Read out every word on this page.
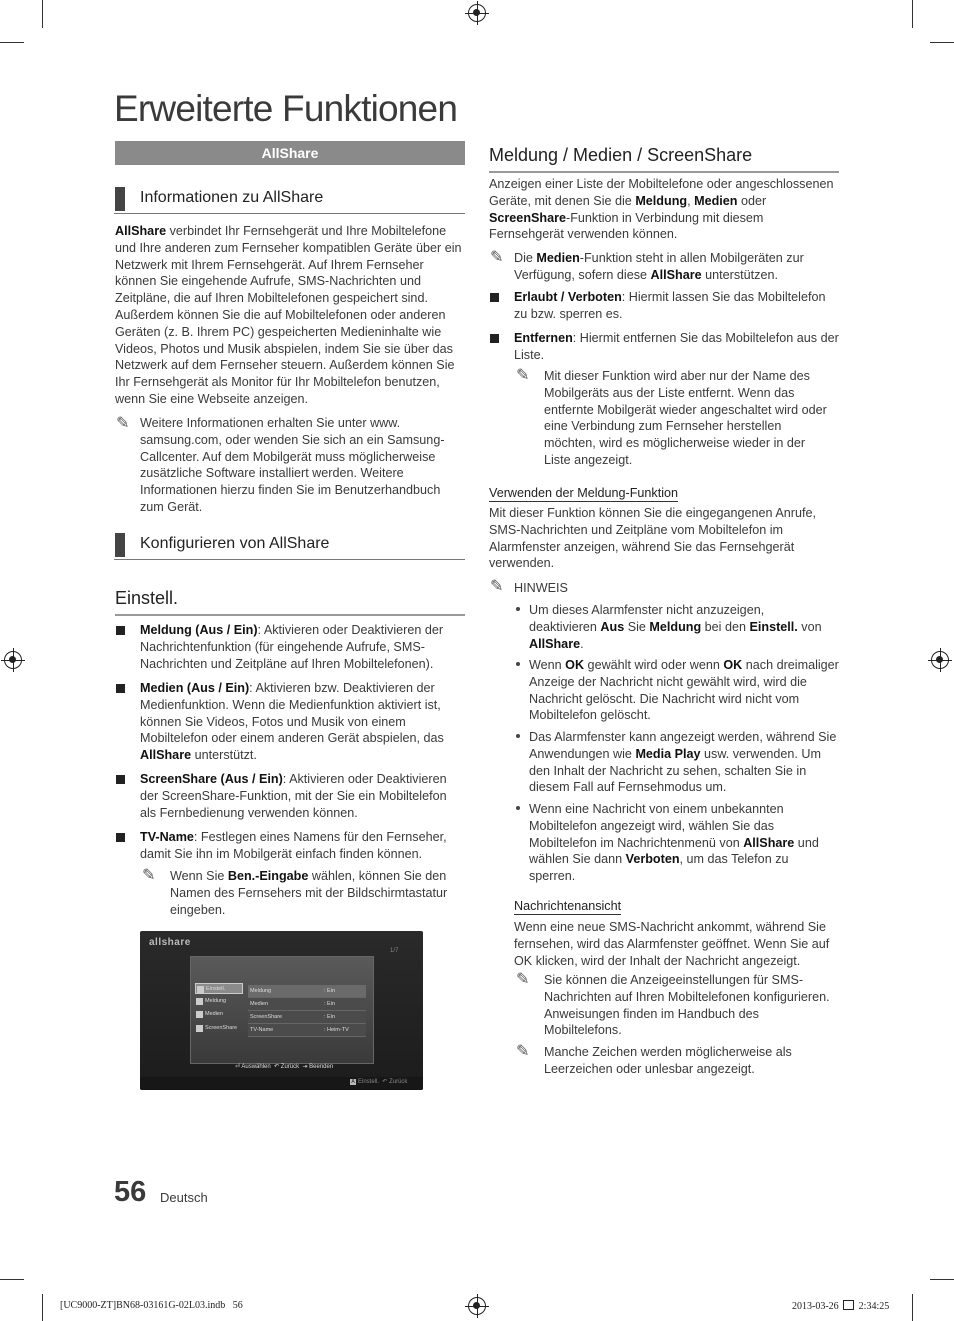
Erweiterte Funktionen
AllShare
Informationen zu AllShare

AllShare verbindet Ihr Fernsehgerät und Ihre Mobiltelefone und Ihre anderen zum Fernseher kompatiblen Geräte über ein Netzwerk mit Ihrem Fernsehgerät. Auf Ihrem Fernseher können Sie eingehende Aufrufe, SMS-Nachrichten und Zeitpläne, die auf Ihren Mobiltelefonen gespeichert sind. Außerdem können Sie die auf Mobiltelefonen oder anderen Geräten (z. B. Ihrem PC) gespeicherten Medieninhalte wie Videos, Photos und Musik abspielen, indem Sie sie über das Netzwerk auf dem Fernseher steuern. Außerdem können Sie Ihr Fernsehgerät als Monitor für Ihr Mobiltelefon benutzen, wenn Sie eine Webseite anzeigen.

✎ Weitere Informationen erhalten Sie unter www. samsung.com, oder wenden Sie sich an ein Samsung-Callcenter. Auf dem Mobilgerät muss möglicherweise zusätzliche Software installiert werden. Weitere Informationen hierzu finden Sie im Benutzerhandbuch zum Gerät.

Konfigurieren von AllShare
Einstell.

Meldung (Aus / Ein): Aktivieren oder Deaktivieren der Nachrichtenfunktion (für eingehende Aufrufe, SMS-Nachrichten und Zeitpläne auf Ihren Mobiltelefonen).

Medien (Aus / Ein): Aktivieren bzw. Deaktivieren der Medienfunktion. Wenn die Medienfunktion aktiviert ist, können Sie Videos, Fotos und Musik von einem Mobiltelefon oder einem anderen Gerät abspielen, das AllShare unterstützt.

ScreenShare (Aus / Ein): Aktivieren oder Deaktivieren der ScreenShare-Funktion, mit der Sie ein Mobiltelefon als Fernbedienung verwenden können.

TV-Name: Festlegen eines Namens für den Fernseher, damit Sie ihn im Mobilgerät einfach finden können.

✎ Wenn Sie Ben.-Eingabe wählen, können Sie den Namen des Fernsehers mit der Bildschirmtastatur eingeben.

allshare
1/7
Einstell.
Meldung
Medien
ScreenShare
Meldung	: Ein
Medien	: Ein
ScreenShare	: Ein
TV-Name	: Heim-TV
⏎ Auswählen ↶ Zurück ⇥ Beenden
A Einstell. ↶ Zurück
Meldung / Medien / ScreenShare

Anzeigen einer Liste der Mobiltelefone oder angeschlossenen Geräte, mit denen Sie die Meldung, Medien oder ScreenShare-Funktion in Verbindung mit diesem Fernsehgerät verwenden können.

✎ Die Medien-Funktion steht in allen Mobilgeräten zur Verfügung, sofern diese AllShare unterstützen.

Erlaubt / Verboten: Hiermit lassen Sie das Mobiltelefon zu bzw. sperren es.

Entfernen: Hiermit entfernen Sie das Mobiltelefon aus der Liste.

✎ Mit dieser Funktion wird aber nur der Name des Mobilgeräts aus der Liste entfernt. Wenn das entfernte Mobilgerät wieder angeschaltet wird oder eine Verbindung zum Fernseher herstellen möchten, wird es möglicherweise wieder in der Liste angezeigt.

Verwenden der Meldung-Funktion

Mit dieser Funktion können Sie die eingegangenen Anrufe, SMS-Nachrichten und Zeitpläne vom Mobiltelefon im Alarmfenster anzeigen, während Sie das Fernsehgerät verwenden.

✎ HINWEIS

Um dieses Alarmfenster nicht anzuzeigen, deaktivieren Aus Sie Meldung bei den Einstell. von AllShare.

Wenn OK gewählt wird oder wenn OK nach dreimaliger Anzeige der Nachricht nicht gewählt wird, wird die Nachricht gelöscht. Die Nachricht wird nicht vom Mobiltelefon gelöscht.

Das Alarmfenster kann angezeigt werden, während Sie Anwendungen wie Media Play usw. verwenden. Um den Inhalt der Nachricht zu sehen, schalten Sie in diesem Fall auf Fernsehmodus um.

Wenn eine Nachricht von einem unbekannten Mobiltelefon angezeigt wird, wählen Sie das Mobiltelefon im Nachrichtenmenü von AllShare und wählen Sie dann Verboten, um das Telefon zu sperren.

Nachrichtenansicht

Wenn eine neue SMS-Nachricht ankommt, während Sie fernsehen, wird das Alarmfenster geöffnet. Wenn Sie auf OK klicken, wird der Inhalt der Nachricht angezeigt.

✎ Sie können die Anzeigeeinstellungen für SMS-Nachrichten auf Ihren Mobiltelefonen konfigurieren. Anweisungen finden im Handbuch des Mobiltelefons.

✎ Manche Zeichen werden möglicherweise als Leerzeichen oder unlesbar angezeigt.

56 Deutsch
[UC9000-ZT]BN68-03161G-02L03.indb   56	2013-03-26 2:34:25
